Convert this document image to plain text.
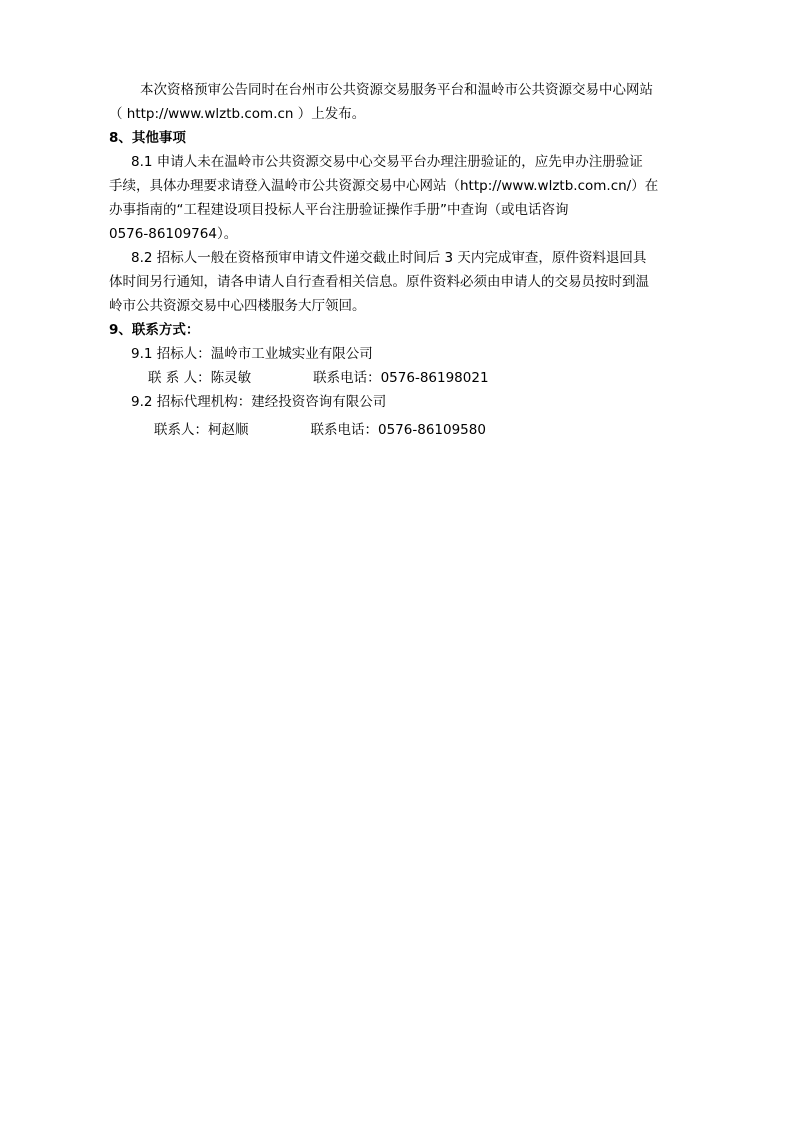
本次资格预审公告同时在台州市公共资源交易服务平台和温岭市公共资源交易中心网站
（ http://www.wlztb.com.cn ）上发布。
8、其他事项
8.1 申请人未在温岭市公共资源交易中心交易平台办理注册验证的，应先申办注册验证
手续，具体办理要求请登入温岭市公共资源交易中心网站（http://www.wlztb.com.cn/）在
办事指南的“工程建设项目投标人平台注册验证操作手册”中查询（或电话咨询
0576-86109764）。
8.2 招标人一般在资格预审申请文件递交截止时间后 3 天内完成审查，原件资料退回具
体时间另行通知，请各申请人自行查看相关信息。原件资料必须由申请人的交易员按时到温
岭市公共资源交易中心四楼服务大厅领回。
9、联系方式：
9.1 招标人：温岭市工业城实业有限公司
联 系 人：陈灵敏	联系电话：0576-86198021
9.2 招标代理机构：建经投资咨询有限公司
联系人：柯赵顺	联系电话：0576-86109580
